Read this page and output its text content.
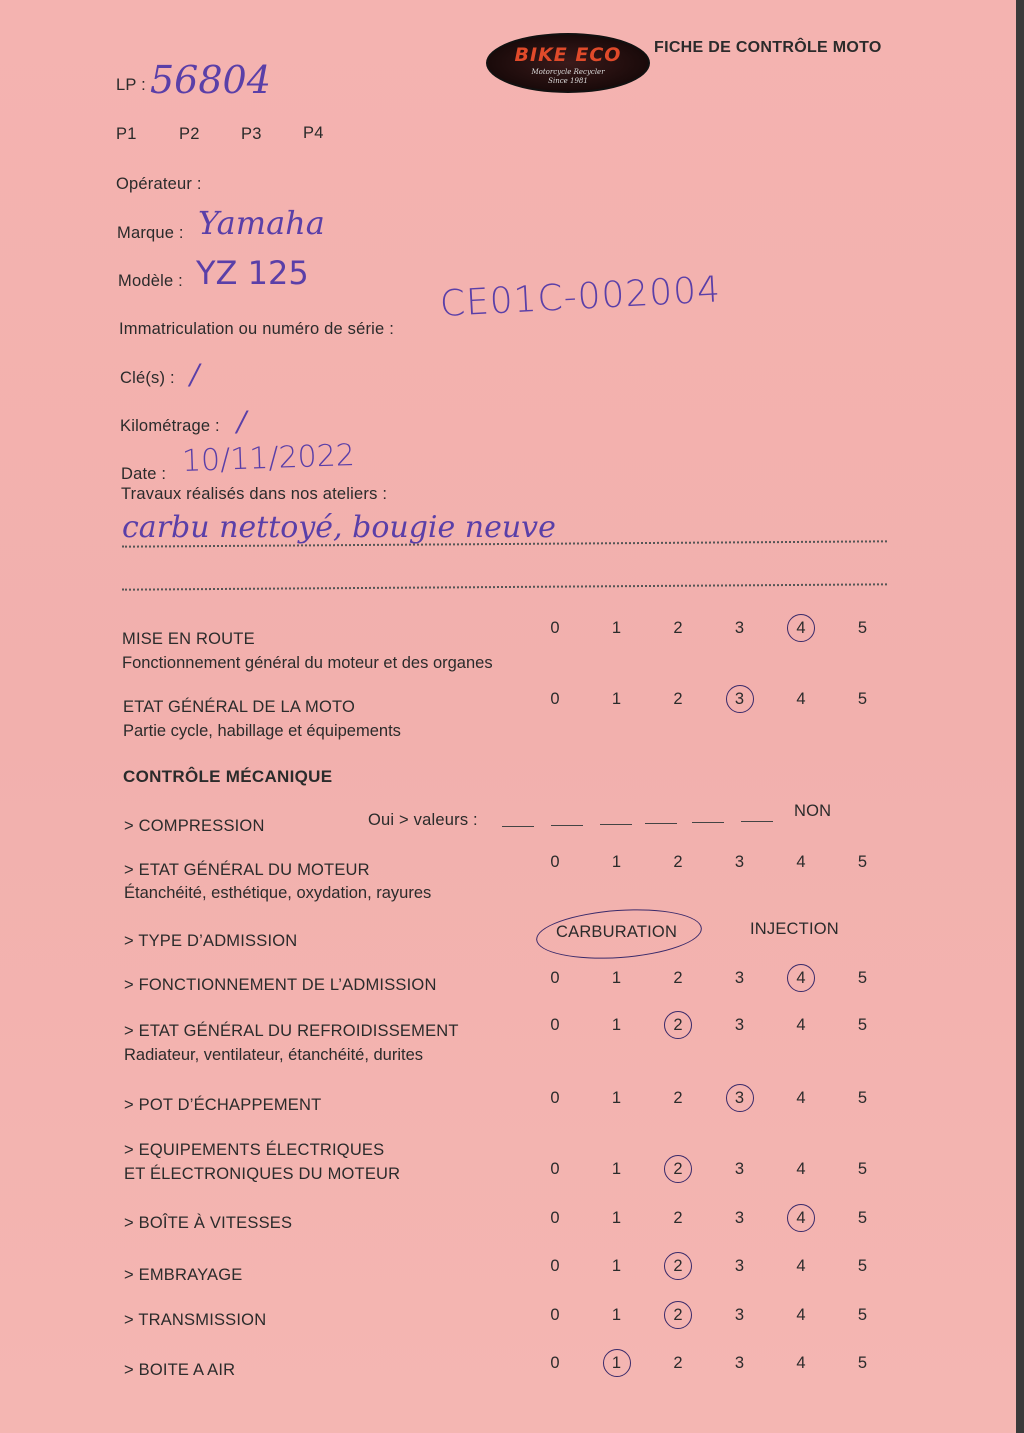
BIKE ECO
Motorcycle Recycler
Since 1981
FICHE DE CONTRÔLE MOTO
LP : 56804
P1	P2	P3	P4
Opérateur :
Marque : Yamaha
Modèle : YZ 125
Immatriculation ou numéro de série :
CE01C-002004
Clé(s) : /
Kilométrage : /
Date : 10/11/2022
Travaux réalisés dans nos ateliers :
carbu nettoyé, bougie neuve
MISE EN ROUTE
Fonctionnement général du moteur et des organes
0	1	2	3	4	5
ETAT GÉNÉRAL DE LA MOTO
Partie cycle, habillage et équipements
0	1	2	3	4	5
CONTRÔLE MÉCANIQUE
> COMPRESSION	Oui > valeurs :	NON
> ETAT GÉNÉRAL DU MOTEUR
Étanchéité, esthétique, oxydation, rayures
0	1	2	3	4	5
> TYPE D’ADMISSION	CARBURATION	INJECTION
> FONCTIONNEMENT DE L’ADMISSION	0	1	2	3	4	5
> ETAT GÉNÉRAL DU REFROIDISSEMENT
Radiateur, ventilateur, étanchéité, durites
0	1	2	3	4	5
> POT D’ÉCHAPPEMENT	0	1	2	3	4	5
> EQUIPEMENTS ÉLECTRIQUES
ET ÉLECTRONIQUES DU MOTEUR	0	1	2	3	4	5
> BOÎTE À VITESSES	0	1	2	3	4	5
> EMBRAYAGE	0	1	2	3	4	5
> TRANSMISSION	0	1	2	3	4	5
> BOITE A AIR	0	1	2	3	4	5
